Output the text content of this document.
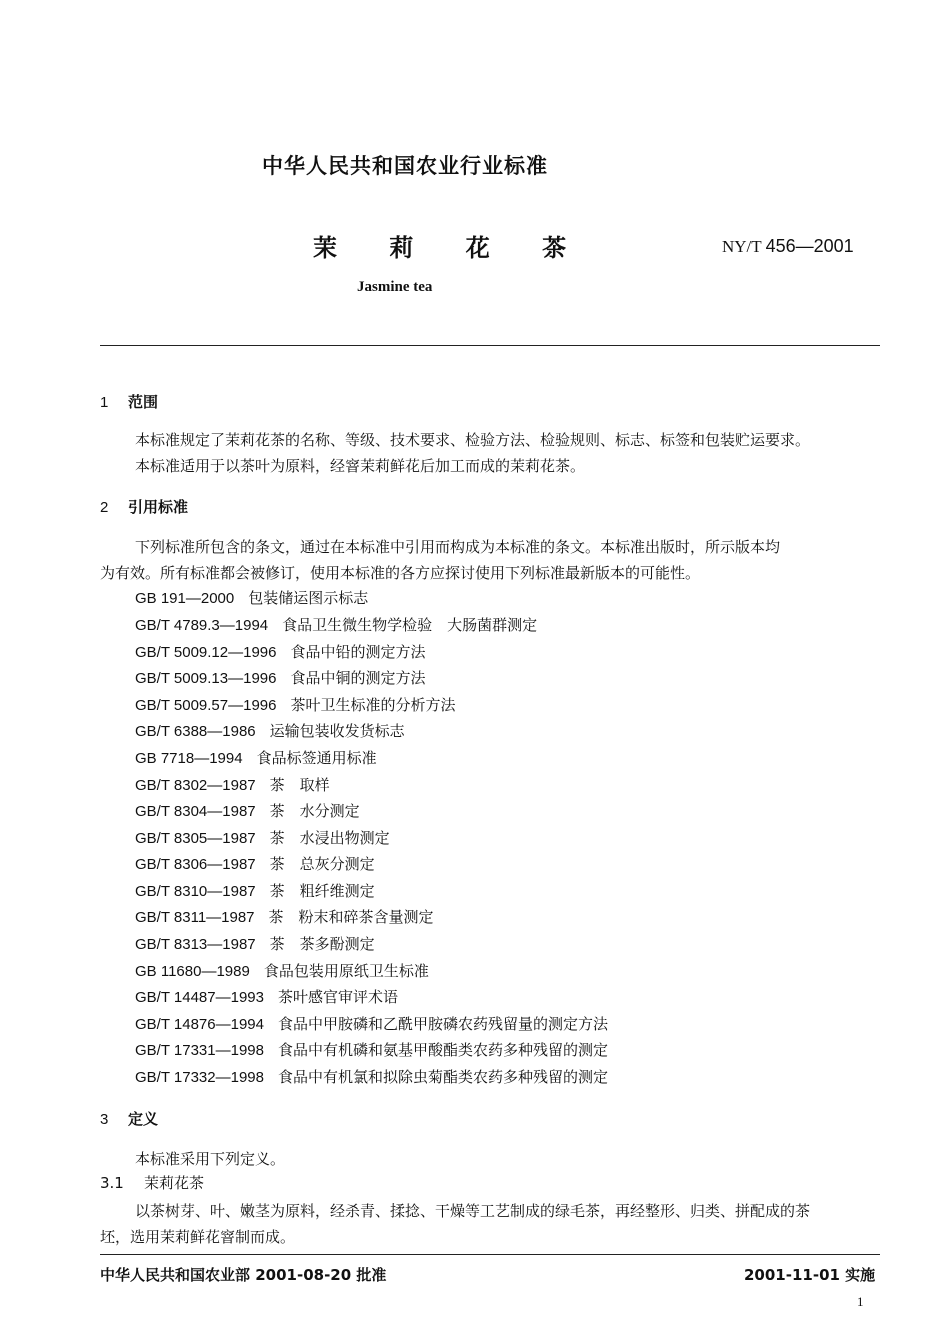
中华人民共和国农业行业标准
茉 莉 花 茶	NY/T 456—2001
Jasmine tea
1 范围
本标准规定了茉莉花茶的名称、等级、技术要求、检验方法、检验规则、标志、标签和包装贮运要求。
本标准适用于以茶叶为原料，经窨茉莉鲜花后加工而成的茉莉花茶。
2 引用标准
下列标准所包含的条文，通过在本标准中引用而构成为本标准的条文。本标准出版时，所示版本均
为有效。所有标准都会被修订，使用本标准的各方应探讨使用下列标准最新版本的可能性。
GB 191—2000 包装储运图示标志
GB/T 4789.3—1994 食品卫生微生物学检验　大肠菌群测定
GB/T 5009.12—1996 食品中铅的测定方法
GB/T 5009.13—1996 食品中铜的测定方法
GB/T 5009.57—1996 茶叶卫生标准的分析方法
GB/T 6388—1986 运输包装收发货标志
GB 7718—1994 食品标签通用标准
GB/T 8302—1987 茶　取样
GB/T 8304—1987 茶　水分测定
GB/T 8305—1987 茶　水浸出物测定
GB/T 8306—1987 茶　总灰分测定
GB/T 8310—1987 茶　粗纤维测定
GB/T 8311—1987 茶　粉末和碎茶含量测定
GB/T 8313—1987 茶　茶多酚测定
GB 11680—1989 食品包装用原纸卫生标准
GB/T 14487—1993 茶叶感官审评术语
GB/T 14876—1994 食品中甲胺磷和乙酰甲胺磷农药残留量的测定方法
GB/T 17331—1998 食品中有机磷和氨基甲酸酯类农药多种残留的测定
GB/T 17332—1998 食品中有机氯和拟除虫菊酯类农药多种残留的测定
3 定义
本标准采用下列定义。
3.1 茉莉花茶
以茶树芽、叶、嫩茎为原料，经杀青、揉捻、干燥等工艺制成的绿毛茶，再经整形、归类、拼配成的茶
坯，选用茉莉鲜花窨制而成。
中华人民共和国农业部 2001-08-20 批准	2001-11-01 实施
1
